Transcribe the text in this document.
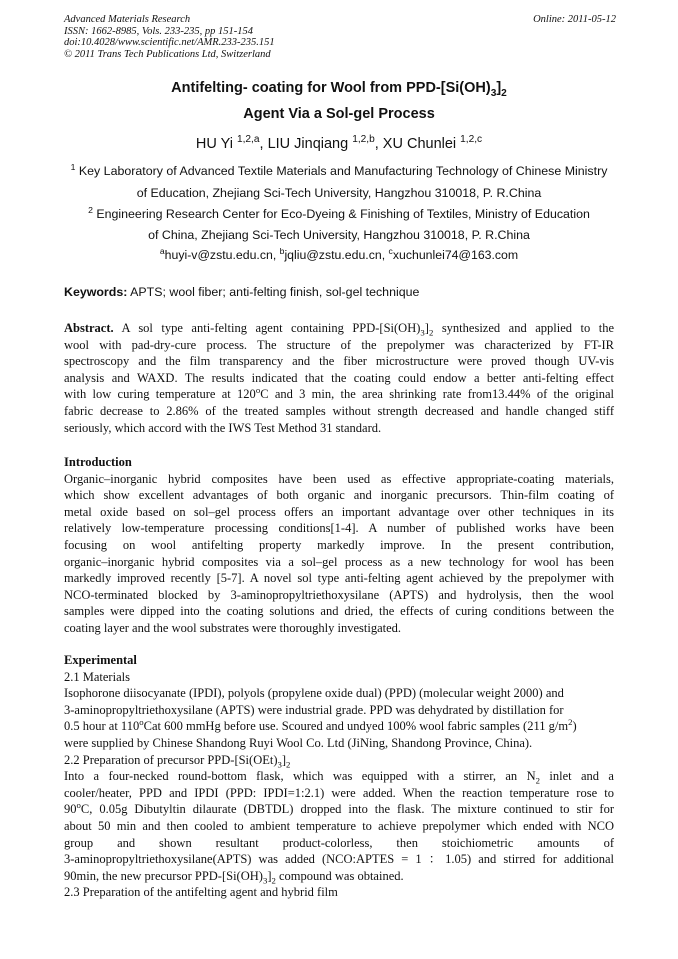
Advanced Materials Research
ISSN: 1662-8985, Vols. 233-235, pp 151-154
doi:10.4028/www.scientific.net/AMR.233-235.151
© 2011 Trans Tech Publications Ltd, Switzerland
Online: 2011-05-12
Antifelting- coating for Wool from PPD-$[Si(OH)_3]_2$
Agent Via a Sol-gel Process
HU Yi $^{1,2,a}$, LIU Jinqiang $^{1,2,b}$, XU Chunlei $^{1,2,c}$
$^1$ Key Laboratory of Advanced Textile Materials and Manufacturing Technology of Chinese Ministry
of Education, Zhejiang Sci-Tech University, Hangzhou 310018, P. R.China
$^2$ Engineering Research Center for Eco-Dyeing & Finishing of Textiles, Ministry of Education
of China, Zhejiang Sci-Tech University, Hangzhou 310018, P. R.China
$^a$huyi-v@zstu.edu.cn, $^b$jqliu@zstu.edu.cn, $^c$xuchunlei74@163.com
Keywords: APTS; wool fiber; anti-felting finish, sol-gel technique
Abstract. A sol type anti-felting agent containing PPD-$[Si(OH)_3]_2$ synthesized and applied to the
wool with pad-dry-cure process. The structure of the prepolymer was characterized by FT-IR
spectroscopy and the film transparency and the fiber microstructure were proved though UV-vis
analysis and WAXD. The results indicated that the coating could endow a better anti-felting effect
with low curing temperature at 120$^o$C and 3 min, the area shrinking rate from13.44% of the original
fabric decrease to 2.86% of the treated samples without strength decreased and handle changed stiff
seriously, which accord with the IWS Test Method 31 standard.
Introduction
Organic–inorganic hybrid composites have been used as effective appropriate-coating materials,
which show excellent advantages of both organic and inorganic precursors. Thin-film coating of
metal oxide based on sol–gel process offers an important advantage over other techniques in its
relatively low-temperature processing conditions[1-4]. A number of published works have been
focusing on wool antifelting property markedly improve. In the present contribution,
organic–inorganic hybrid composites via a sol–gel process as a new technology for wool has been
markedly improved recently [5-7]. A novel sol type anti-felting agent achieved by the prepolymer with
NCO-terminated blocked by 3-aminopropyltriethoxysilane (APTS) and hydrolysis, then the wool
samples were dipped into the coating solutions and dried, the effects of curing conditions between the
coating layer and the wool substrates were thoroughly investigated.
Experimental
2.1 Materials
Isophorone diisocyanate (IPDI), polyols (propylene oxide dual) (PPD) (molecular weight 2000) and
3-aminopropyltriethoxysilane (APTS) were industrial grade. PPD was dehydrated by distillation for
0.5 hour at 110$^o$Cat 600 mmHg before use. Scoured and undyed 100% wool fabric samples (211 $g/m^2$)
were supplied by Chinese Shandong Ruyi Wool Co. Ltd (JiNing, Shandong Province, China).
2.2 Preparation of precursor PPD-$[Si(OEt)_3]_2$
Into a four-necked round-bottom flask, which was equipped with a stirrer, an $N_2$ inlet and a
cooler/heater, PPD and IPDI (PPD: IPDI=1:2.1) were added. When the reaction temperature rose to
90$^o$C, 0.05g Dibutyltin dilaurate (DBTDL) dropped into the flask. The mixture continued to stir for
about 50 min and then cooled to ambient temperature to achieve prepolymer which ended with NCO
group and shown resultant product-colorless, then stoichiometric amounts of
3-aminopropyltriethoxysilane(APTS) was added (NCO:APTES = 1 ：1.05) and stirred for additional
90min, the new precursor PPD-$[Si(OH)_3]_2$ compound was obtained.
2.3 Preparation of the antifelting agent and hybrid film
